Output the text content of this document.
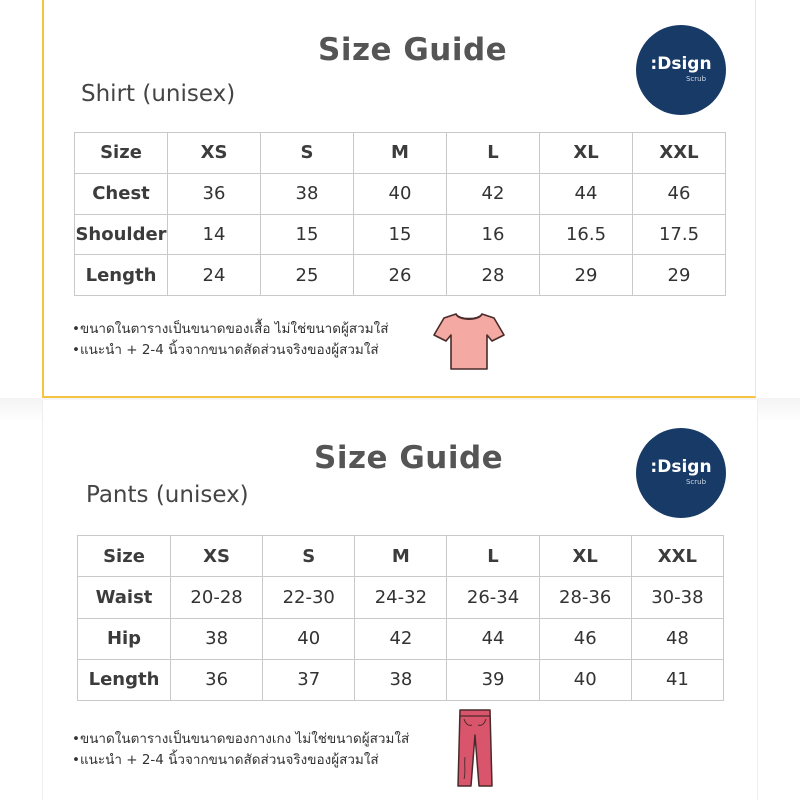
Size Guide
Shirt (unisex)
:Dsign
Scrub
Size	XS	S	M	L	XL	XXL
Chest	36	38	40	42	44	46
Shoulder	14	15	15	16	16.5	17.5
Length	24	25	26	28	29	29
•ขนาดในตารางเป็นขนาดของเสื้อ ไม่ใช่ขนาดผู้สวมใส่
•แนะนำ + 2-4 นิ้วจากขนาดสัดส่วนจริงของผู้สวมใส่
Size Guide
Pants (unisex)
:Dsign
Scrub
Size	XS	S	M	L	XL	XXL
Waist	20-28	22-30	24-32	26-34	28-36	30-38
Hip	38	40	42	44	46	48
Length	36	37	38	39	40	41
•ขนาดในตารางเป็นขนาดของกางเกง ไม่ใช่ขนาดผู้สวมใส่
•แนะนำ + 2-4 นิ้วจากขนาดสัดส่วนจริงของผู้สวมใส่
